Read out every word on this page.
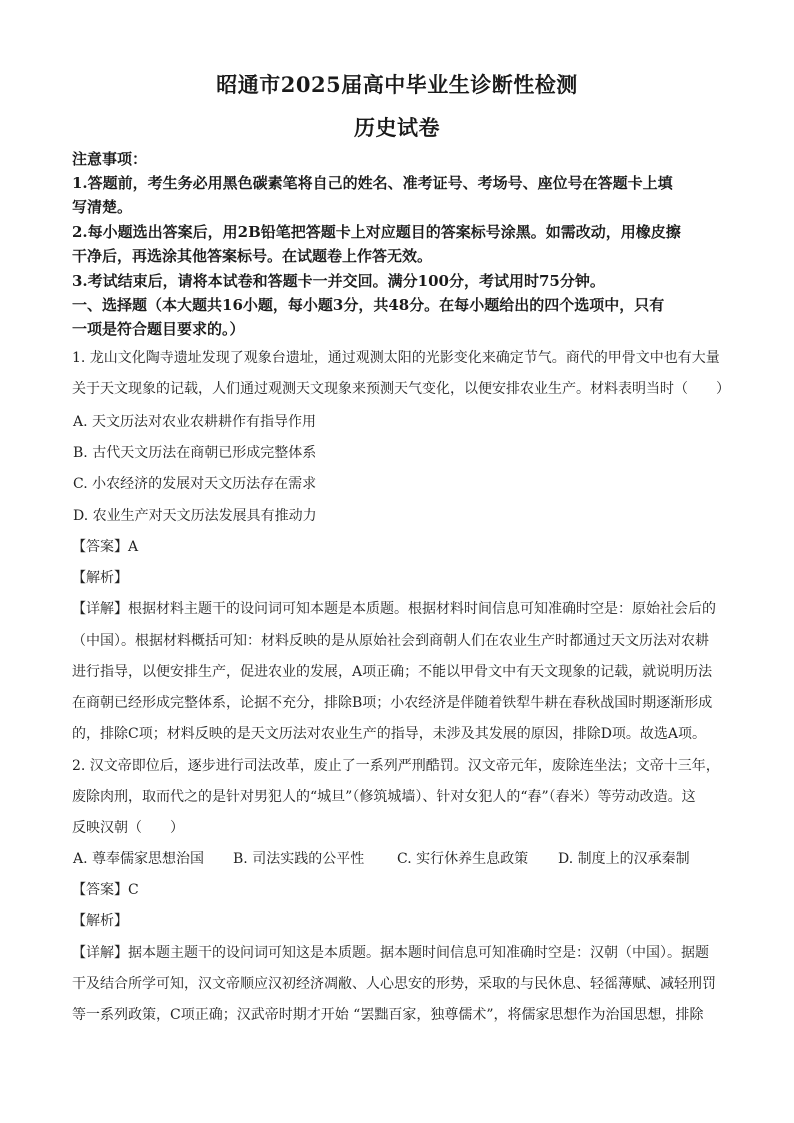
昭通市2025届高中毕业生诊断性检测
历史试卷
注意事项：
1.答题前，考生务必用黑色碳素笔将自己的姓名、准考证号、考场号、座位号在答题卡上填
写清楚。
2.每小题选出答案后，用2B铅笔把答题卡上对应题目的答案标号涂黑。如需改动，用橡皮擦
干净后，再选涂其他答案标号。在试题卷上作答无效。
3.考试结束后，请将本试卷和答题卡一并交回。满分100分，考试用时75分钟。
一、选择题（本大题共16小题，每小题3分，共48分。在每小题给出的四个选项中，只有
一项是符合题目要求的。）
1. 龙山文化陶寺遗址发现了观象台遗址，通过观测太阳的光影变化来确定节气。商代的甲骨文中也有大量
关于天文现象的记载，人们通过观测天文现象来预测天气变化，以便安排农业生产。材料表明当时（　　）
A. 天文历法对农业农耕耕作有指导作用
B. 古代天文历法在商朝已形成完整体系
C. 小农经济的发展对天文历法存在需求
D. 农业生产对天文历法发展具有推动力
【答案】A
【解析】
【详解】根据材料主题干的设问词可知本题是本质题。根据材料时间信息可知准确时空是：原始社会后的
（中国）。根据材料概括可知：材料反映的是从原始社会到商朝人们在农业生产时都通过天文历法对农耕
进行指导，以便安排生产，促进农业的发展，A项正确；不能以甲骨文中有天文现象的记载，就说明历法
在商朝已经形成完整体系，论据不充分，排除B项；小农经济是伴随着铁犁牛耕在春秋战国时期逐渐形成
的，排除C项；材料反映的是天文历法对农业生产的指导，未涉及其发展的原因，排除D项。故选A项。
2. 汉文帝即位后，逐步进行司法改革，废止了一系列严刑酷罚。汉文帝元年，废除连坐法；文帝十三年，
废除肉刑，取而代之的是针对男犯人的“城旦”（修筑城墙）、针对女犯人的“舂”（舂米）等劳动改造。这
反映汉朝（　　）
A. 尊奉儒家思想治国 B. 司法实践的公平性 C. 实行休养生息政策 D. 制度上的汉承秦制
【答案】C
【解析】
【详解】据本题主题干的设问词可知这是本质题。据本题时间信息可知准确时空是：汉朝（中国）。据题
干及结合所学可知，汉文帝顺应汉初经济凋敝、人心思安的形势，采取的与民休息、轻徭薄赋、减轻刑罚
等一系列政策，C项正确；汉武帝时期才开始 “罢黜百家，独尊儒术”，将儒家思想作为治国思想，排除
